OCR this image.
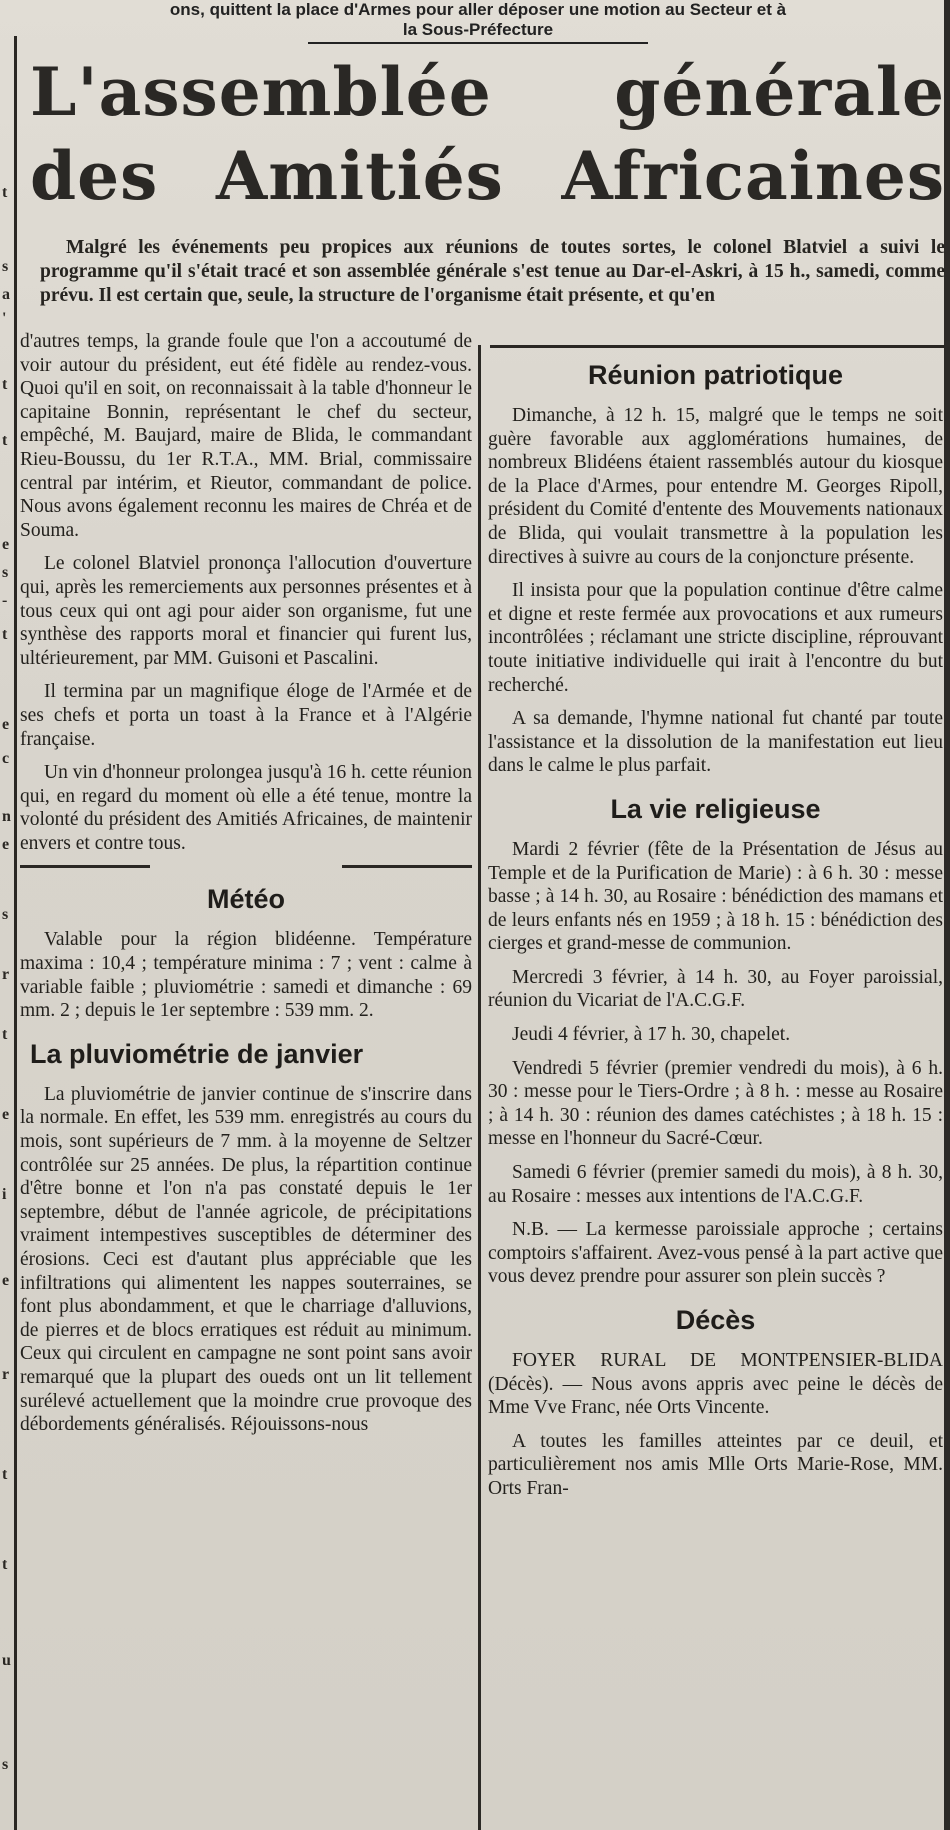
t
s
a
'
t
t
e
s
-
t
e
c
n
e
s
r
t
e
i
e
r
t
t
u
s
ons, quittent la place d'Armes pour aller déposer une motion au Secteur et à
la Sous-Préfecture
L'assemblée générale
des Amitiés Africaines
Malgré les événements peu propices aux réunions de toutes sortes, le colonel Blatviel a suivi le programme qu'il s'était tracé et son assemblée générale s'est tenue au Dar-el-Askri, à 15 h., samedi, comme prévu. Il est certain que, seule, la structure de l'organisme était présente, et qu'en

d'autres temps, la grande foule que l'on a accoutumé de voir autour du président, eut été fidèle au rendez-vous. Quoi qu'il en soit, on reconnaissait à la table d'honneur le capitaine Bonnin, représentant le chef du secteur, empêché, M. Baujard, maire de Blida, le commandant Rieu-Boussu, du 1er R.T.A., MM. Brial, commissaire central par intérim, et Rieutor, commandant de police. Nous avons également reconnu les maires de Chréa et de Souma.

Le colonel Blatviel prononça l'allocution d'ouverture qui, après les remerciements aux personnes présentes et à tous ceux qui ont agi pour aider son organisme, fut une synthèse des rapports moral et financier qui furent lus, ultérieurement, par MM. Guisoni et Pascalini.

Il termina par un magnifique éloge de l'Armée et de ses chefs et porta un toast à la France et à l'Algérie française.

Un vin d'honneur prolongea jusqu'à 16 h. cette réunion qui, en regard du moment où elle a été tenue, montre la volonté du président des Amitiés Africaines, de maintenir envers et contre tous.

Météo

Valable pour la région blidéenne. Température maxima : 10,4 ; température minima : 7 ; vent : calme à variable faible ; pluviométrie : samedi et dimanche : 69 mm. 2 ; depuis le 1er septembre : 539 mm. 2.

La pluviométrie de janvier

La pluviométrie de janvier continue de s'inscrire dans la normale. En effet, les 539 mm. enregistrés au cours du mois, sont supérieurs de 7 mm. à la moyenne de Seltzer contrôlée sur 25 années. De plus, la répartition continue d'être bonne et l'on n'a pas constaté depuis le 1er septembre, début de l'année agricole, de précipitations vraiment intempestives susceptibles de déterminer des érosions. Ceci est d'autant plus appréciable que les infiltrations qui alimentent les nappes souterraines, se font plus abondamment, et que le charriage d'alluvions, de pierres et de blocs erratiques est réduit au minimum. Ceux qui circulent en campagne ne sont point sans avoir remarqué que la plupart des oueds ont un lit tellement surélevé actuellement que la moindre crue provoque des débordements généralisés. Réjouissons-nous

Réunion patriotique

Dimanche, à 12 h. 15, malgré que le temps ne soit guère favorable aux agglomérations humaines, de nombreux Blidéens étaient rassemblés autour du kiosque de la Place d'Armes, pour entendre M. Georges Ripoll, président du Comité d'entente des Mouvements nationaux de Blida, qui voulait transmettre à la population les directives à suivre au cours de la conjoncture présente.

Il insista pour que la population continue d'être calme et digne et reste fermée aux provocations et aux rumeurs incontrôlées ; réclamant une stricte discipline, réprouvant toute initiative individuelle qui irait à l'encontre du but recherché.

A sa demande, l'hymne national fut chanté par toute l'assistance et la dissolution de la manifestation eut lieu dans le calme le plus parfait.

La vie religieuse

Mardi 2 février (fête de la Présentation de Jésus au Temple et de la Purification de Marie) : à 6 h. 30 : messe basse ; à 14 h. 30, au Rosaire : bénédiction des mamans et de leurs enfants nés en 1959 ; à 18 h. 15 : bénédiction des cierges et grand-messe de communion.

Mercredi 3 février, à 14 h. 30, au Foyer paroissial, réunion du Vicariat de l'A.C.G.F.

Jeudi 4 février, à 17 h. 30, chapelet.

Vendredi 5 février (premier vendredi du mois), à 6 h. 30 : messe pour le Tiers-Ordre ; à 8 h. : messe au Rosaire ; à 14 h. 30 : réunion des dames catéchistes ; à 18 h. 15 : messe en l'honneur du Sacré-Cœur.

Samedi 6 février (premier samedi du mois), à 8 h. 30, au Rosaire : messes aux intentions de l'A.C.G.F.

N.B. — La kermesse paroissiale approche ; certains comptoirs s'affairent. Avez-vous pensé à la part active que vous devez prendre pour assurer son plein succès ?

Décès

FOYER RURAL DE MONTPENSIER-BLIDA (Décès). — Nous avons appris avec peine le décès de Mme Vve Franc, née Orts Vincente.

A toutes les familles atteintes par ce deuil, et particulièrement nos amis Mlle Orts Marie-Rose, MM. Orts Fran-
